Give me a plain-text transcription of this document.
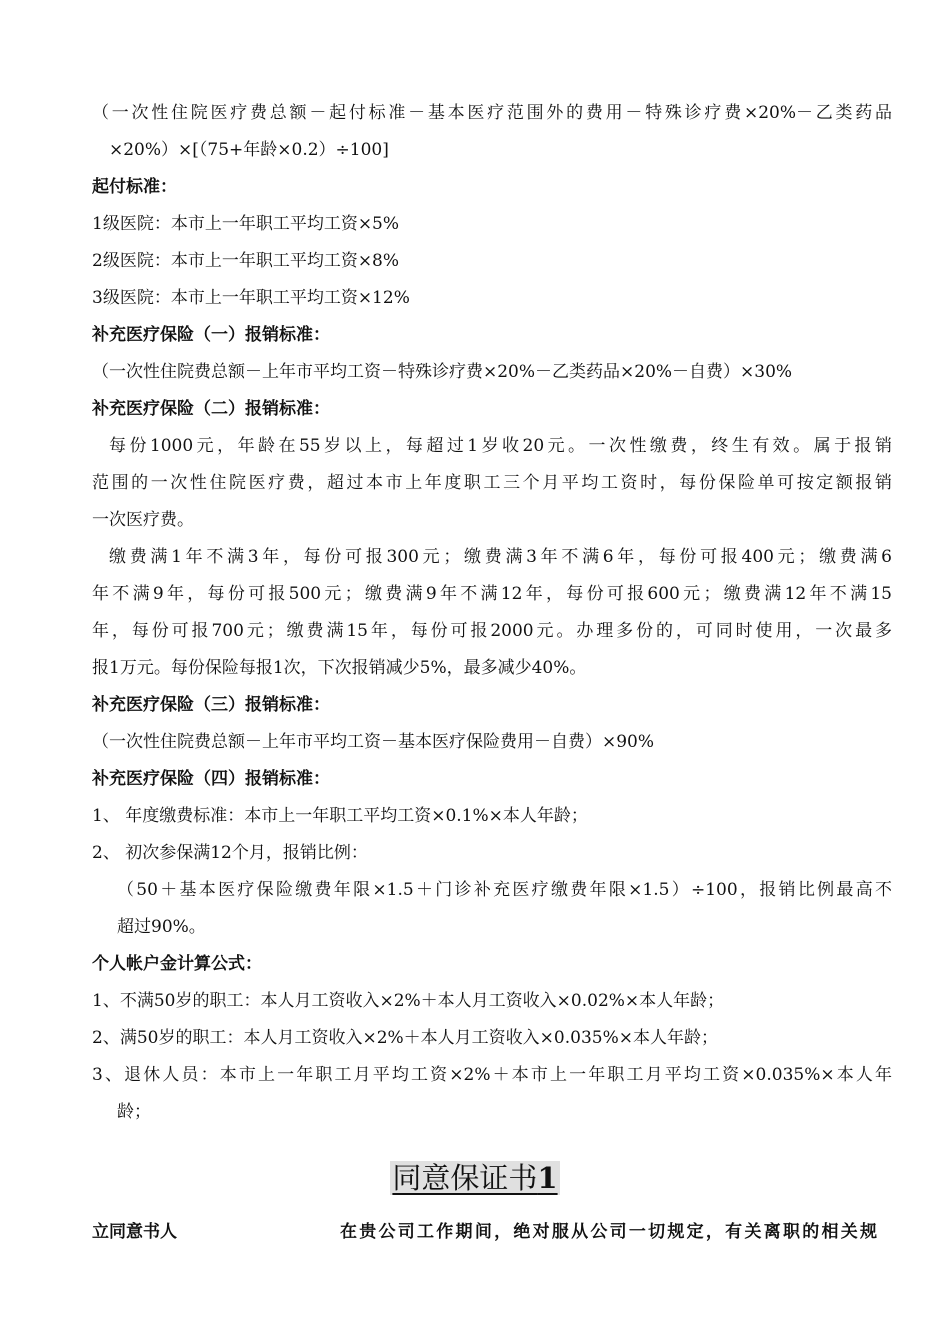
（一次性住院医疗费总额－起付标准－基本医疗范围外的费用－特殊诊疗费×20%－乙类药品
×20%）×[（75+年龄×0.2）÷100]
起付标准：
1级医院：本市上一年职工平均工资×5%
2级医院：本市上一年职工平均工资×8%
3级医院：本市上一年职工平均工资×12%
补充医疗保险（一）报销标准：
（一次性住院费总额－上年市平均工资－特殊诊疗费×20%－乙类药品×20%－自费）×30%
补充医疗保险（二）报销标准：
每份1000元，年龄在55岁以上，每超过1岁收20元。一次性缴费，终生有效。属于报销
范围的一次性住院医疗费，超过本市上年度职工三个月平均工资时，每份保险单可按定额报销
一次医疗费。
缴费满1年不满3年，每份可报300元；缴费满3年不满6年，每份可报400元；缴费满6
年不满9年，每份可报500元；缴费满9年不满12年，每份可报600元；缴费满12年不满15
年，每份可报700元；缴费满15年，每份可报2000元。办理多份的，可同时使用，一次最多
报1万元。每份保险每报1次，下次报销减少5%，最多减少40%。
补充医疗保险（三）报销标准：
（一次性住院费总额－上年市平均工资－基本医疗保险费用－自费）×90%
补充医疗保险（四）报销标准：
1、 年度缴费标准：本市上一年职工平均工资×0.1%×本人年龄；
2、 初次参保满12个月，报销比例：
（50＋基本医疗保险缴费年限×1.5＋门诊补充医疗缴费年限×1.5）÷100，报销比例最高不
超过90%。
个人帐户金计算公式：
1、不满50岁的职工：本人月工资收入×2%＋本人月工资收入×0.02%×本人年龄；
2、满50岁的职工：本人月工资收入×2%＋本人月工资收入×0.035%×本人年龄；
3、退休人员：本市上一年职工月平均工资×2%＋本市上一年职工月平均工资×0.035%×本人年
龄；
同意保证书1
立同意书人	在贵公司工作期间，绝对服从公司一切规定，有关离职的相关规
